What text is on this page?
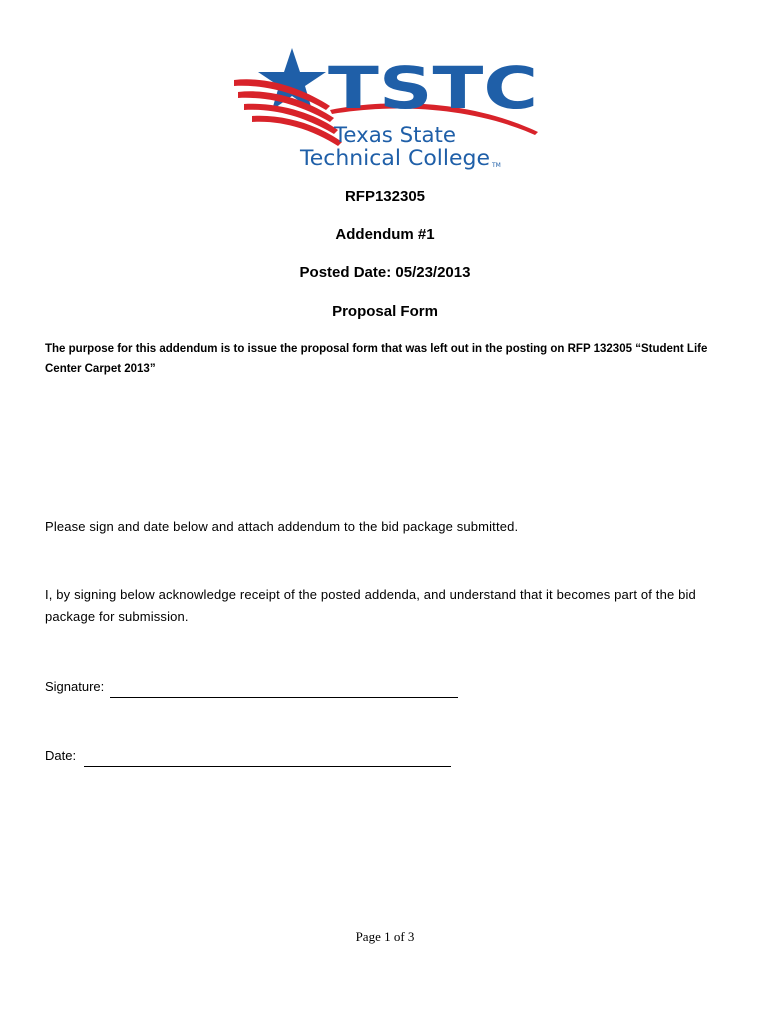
TSTC
Texas State
Technical College TM
RFP132305
Addendum #1
Posted Date: 05/23/2013
Proposal Form
The purpose for this addendum is to issue the proposal form that was left out in the posting on RFP 132305 “Student Life Center Carpet 2013”
Please sign and date below and attach addendum to the bid package submitted.
I, by signing below acknowledge receipt of the posted addenda, and understand that it becomes part of the bid package for submission.
Signature:
Date:
Page 1 of 3
